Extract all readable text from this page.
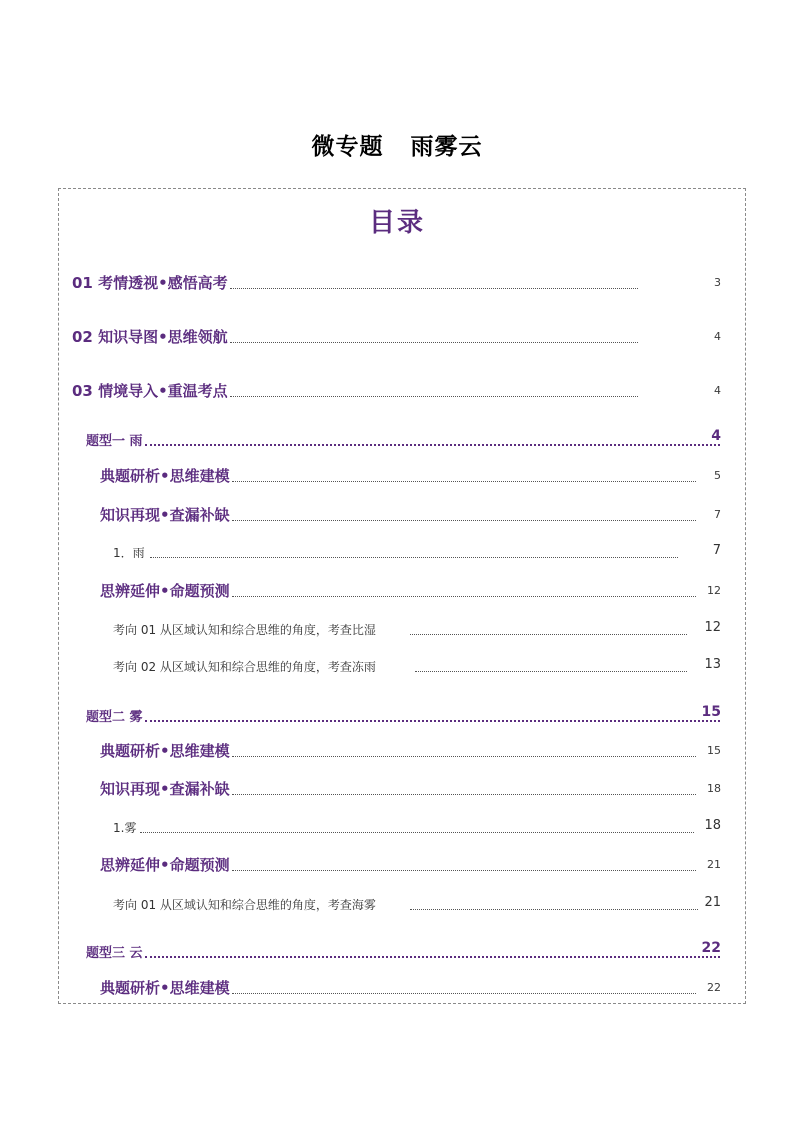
微专题   雨雾云
目录
01 考情透视•感悟高考	3
02 知识导图•思维领航	4
03 情境导入•重温考点	4
题型一 雨	4
典题研析•思维建模	5
知识再现•查漏补缺	7
1．雨	7
思辨延伸•命题预测	12
考向 01 从区域认知和综合思维的角度，考查比湿	12
考向 02 从区域认知和综合思维的角度，考查冻雨	13
题型二 雾	15
典题研析•思维建模	15
知识再现•查漏补缺	18
1.雾	18
思辨延伸•命题预测	21
考向 01 从区域认知和综合思维的角度，考查海雾	21
题型三 云	22
典题研析•思维建模	22
